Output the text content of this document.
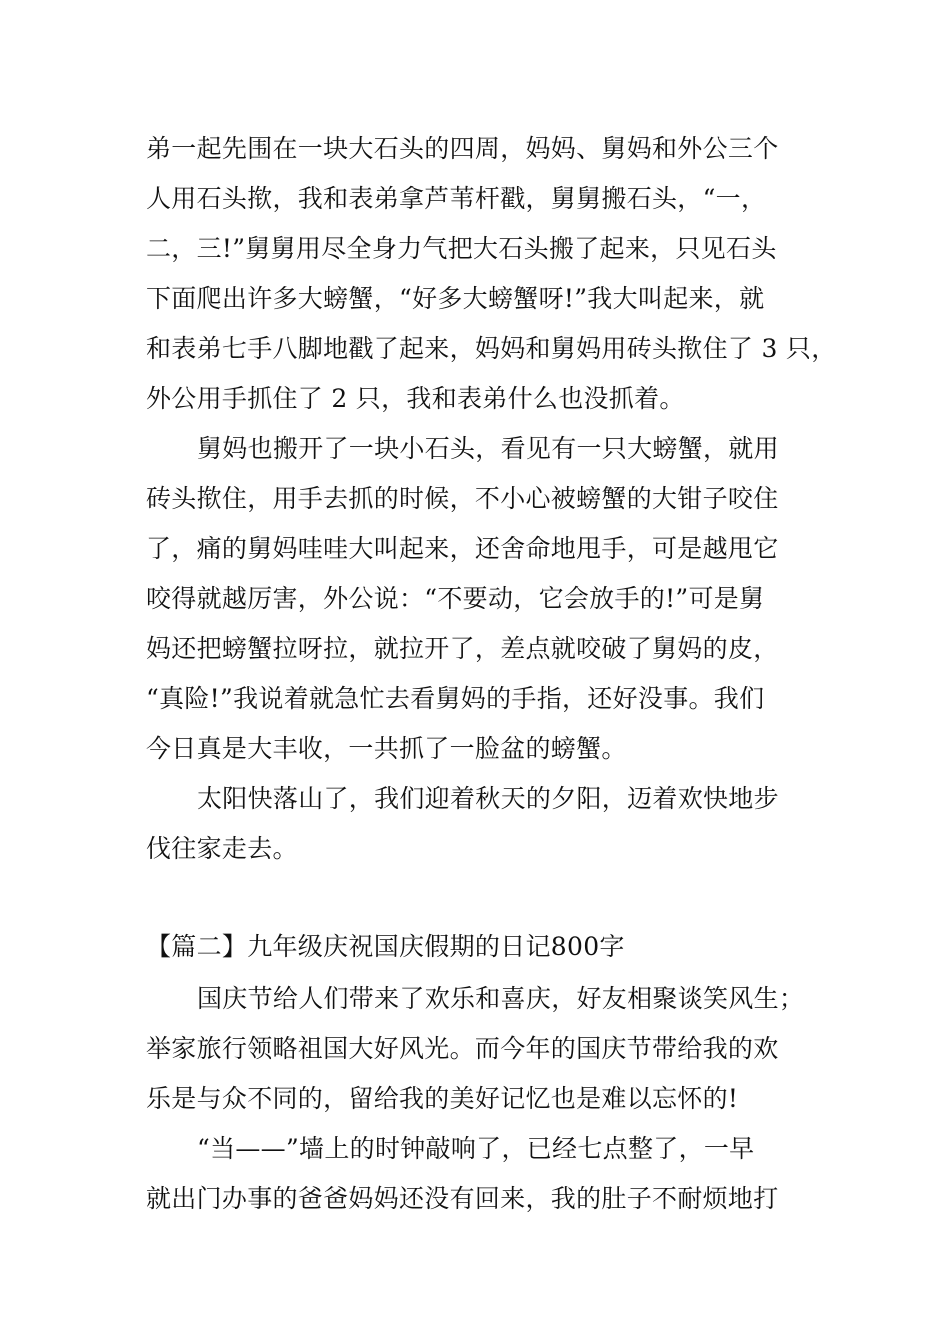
弟一起先围在一块大石头的四周，妈妈、舅妈和外公三个
人用石头揿，我和表弟拿芦苇杆戳，舅舅搬石头，“一，
二，三!”舅舅用尽全身力气把大石头搬了起来，只见石头
下面爬出许多大螃蟹，“好多大螃蟹呀!”我大叫起来，就
和表弟七手八脚地戳了起来，妈妈和舅妈用砖头揿住了 3 只，
外公用手抓住了 2 只，我和表弟什么也没抓着。
舅妈也搬开了一块小石头，看见有一只大螃蟹，就用
砖头揿住，用手去抓的时候，不小心被螃蟹的大钳子咬住
了，痛的舅妈哇哇大叫起来，还舍命地甩手，可是越甩它
咬得就越厉害，外公说：“不要动，它会放手的!”可是舅
妈还把螃蟹拉呀拉，就拉开了，差点就咬破了舅妈的皮，
“真险!”我说着就急忙去看舅妈的手指，还好没事。我们
今日真是大丰收，一共抓了一脸盆的螃蟹。
太阳快落山了，我们迎着秋天的夕阳，迈着欢快地步
伐往家走去。
【篇二】九年级庆祝国庆假期的日记800字
国庆节给人们带来了欢乐和喜庆，好友相聚谈笑风生；
举家旅行领略祖国大好风光。而今年的国庆节带给我的欢
乐是与众不同的，留给我的美好记忆也是难以忘怀的!
“当——”墙上的时钟敲响了，已经七点整了，一早
就出门办事的爸爸妈妈还没有回来，我的肚子不耐烦地打
